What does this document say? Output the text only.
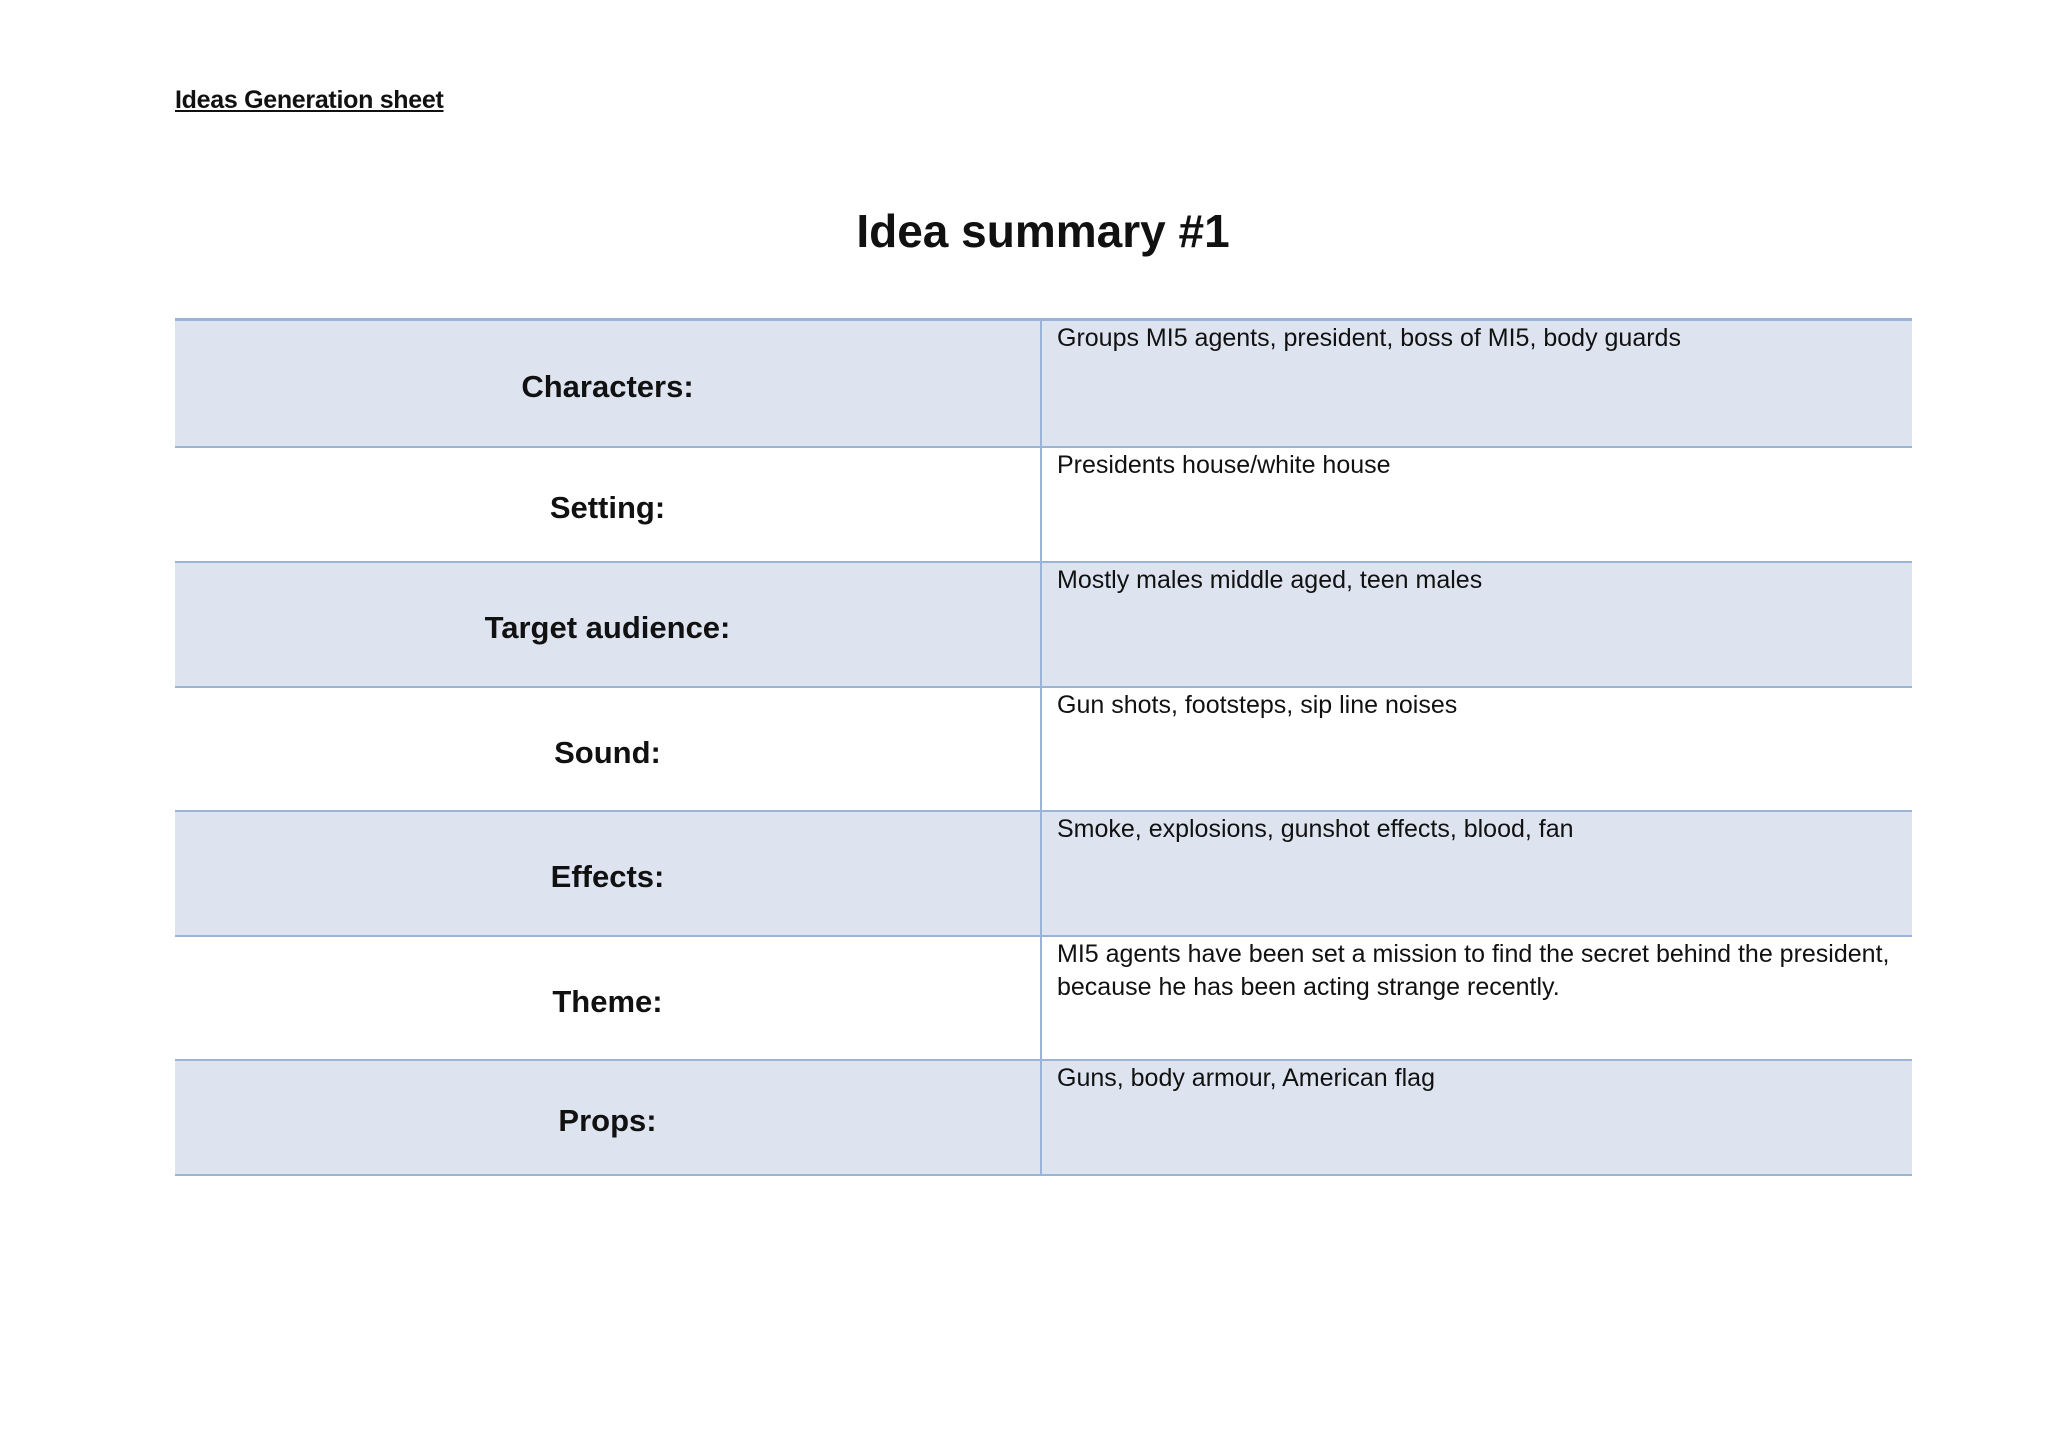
Ideas Generation sheet
Idea summary #1
Characters:	Groups MI5 agents, president, boss of MI5, body guards
Setting:	Presidents house/white house
Target audience:	Mostly males middle aged, teen males
Sound:	Gun shots, footsteps, sip line noises
Effects:	Smoke, explosions, gunshot effects, blood, fan
Theme:	MI5 agents have been set a mission to find the secret behind the president, because he has been acting strange recently.
Props:	Guns, body armour, American flag
